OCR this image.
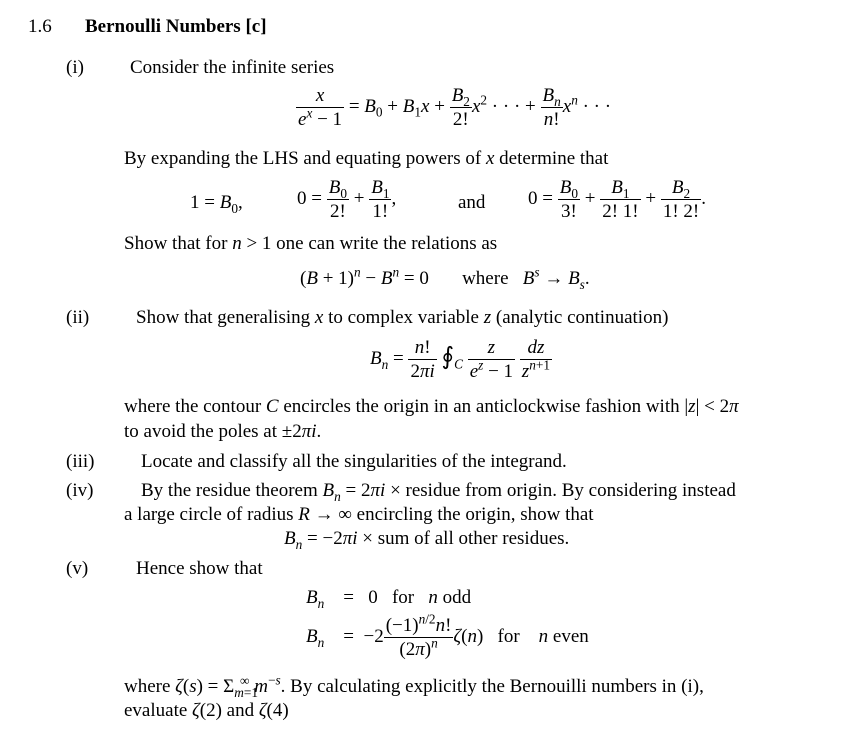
1.6 Bernoulli Numbers [c]
(i) Consider the infinite series
$\frac{x}{e^x - 1} = B_0 + B_1x + \frac{B_2}{2!} x^2$ · · · + $\frac{B_n}{n!} x^n$ · · ·
By expanding the LHS and equating powers of x determine that
$1 = B_0$,	$0 = \frac{B_0}{2!} + \frac{B_1}{1!}$ ,	and $0 = \frac{B_0}{3!} + \frac{B_1}{2! 1!} + \frac{B_2}{1! 2!}$ .
Show that for n > 1 one can write the relations as
$(B + 1)^n - B^n = 0$       where   $B^s \to B_s$.
(ii) Show that generalising x to complex variable z (analytic continuation)
$B_n = \frac{n!}{2\pi i}$ $∮_C \frac{z}{e^z - 1}$
$\frac{dz}{z^{n+1}}$
where the contour C encircles the origin in an anticlockwise fashion with |z| < 2π
to avoid the poles at ±2πi.
(iii) Locate and classify all the singularities of the integrand.
(iv)	By the residue theorem $B_n = 2\pi i$ × residue from origin. By considering instead
a large circle of radius R → ∞ encircling the origin, show that
$B_n = -2\pi i$ × sum of all other residues.
(v)	Hence show that
$B_n$    =   0   for   n odd
$B_n$    =  $-2 \frac{(-1)^{n/2}n!}{(2\pi)^n} \zeta(n)$   for    n even
where $\zeta(s) = \Sigma_{m=1}^\infty$ $m^{-s}$. By calculating explicitly the Bernouilli numbers in (i),
evaluate ζ(2) and ζ(4)
